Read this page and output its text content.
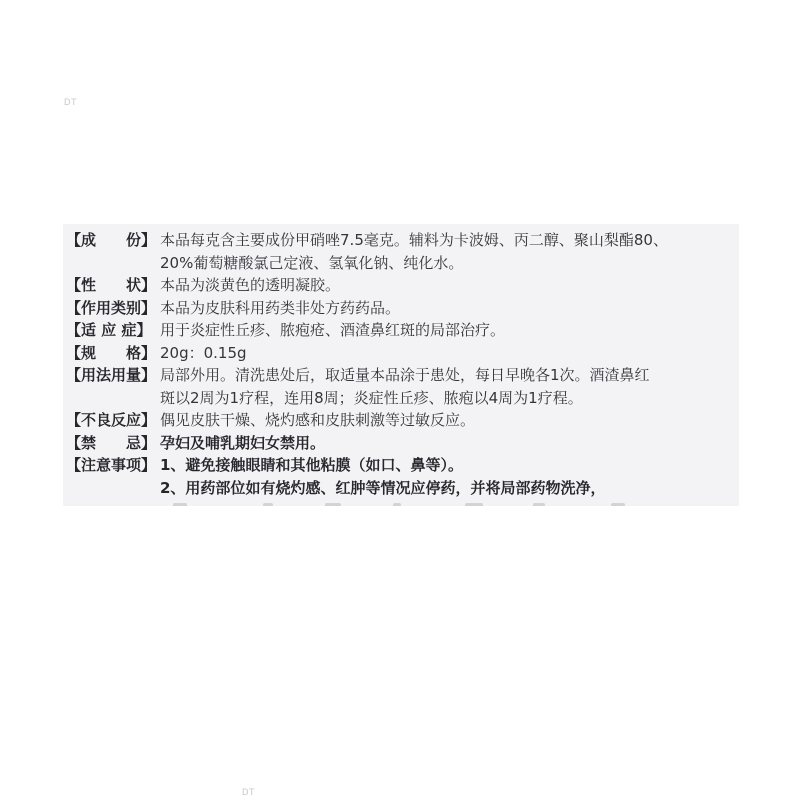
DT
【成　　份】 本品每克含主要成份甲硝唑7.5毫克。辅料为卡波姆、丙二醇、聚山梨酯80、
20%葡萄糖酸氯己定液、氢氧化钠、纯化水。
【性　　状】 本品为淡黄色的透明凝胶。
【作用类别】 本品为皮肤科用药类非处方药药品。
【适 应 症】 用于炎症性丘疹、脓疱疮、酒渣鼻红斑的局部治疗。
【规　　格】 20g：0.15g
【用法用量】 局部外用。清洗患处后，取适量本品涂于患处，每日早晚各1次。酒渣鼻红
斑以2周为1疗程，连用8周；炎症性丘疹、脓疱以4周为1疗程。
【不良反应】 偶见皮肤干燥、烧灼感和皮肤刺激等过敏反应。
【禁　　忌】 孕妇及哺乳期妇女禁用。
【注意事项】 1、避免接触眼睛和其他粘膜（如口、鼻等）。
2、用药部位如有烧灼感、红肿等情况应停药，并将局部药物洗净，
DT
